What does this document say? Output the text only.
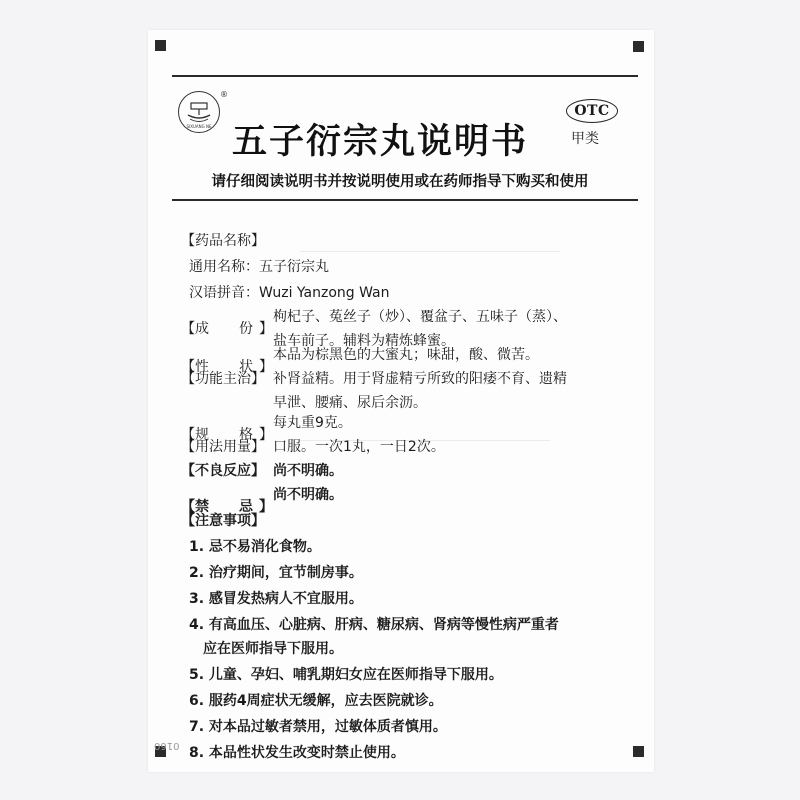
®
SIXUANG NE
OTC
甲类
五子衍宗丸说明书
请仔细阅读说明书并按说明使用或在药师指导下购买和使用
【药品名称】
通用名称：五子衍宗丸
汉语拼音：Wuzi Yanzong Wan
【 成 份 】
枸杞子、菟丝子（炒）、覆盆子、五味子（蒸）、
盐车前子。辅料为精炼蜂蜜。
【 性 状 】
本品为棕黑色的大蜜丸；味甜，酸、微苦。
【功能主治】 补肾益精。用于肾虚精亏所致的阳痿不育、遗精
早泄、腰痛、尿后余沥。
【 规 格 】
每丸重9克。
【用法用量】 口服。一次1丸，一日2次。
【不良反应】 尚不明确。
【 禁 忌 】
尚不明确。
【注意事项】
1. 忌不易消化食物。
2. 治疗期间，宜节制房事。
3. 感冒发热病人不宜服用。
4. 有高血压、心脏病、肝病、糖尿病、肾病等慢性病严重者
应在医师指导下服用。
5. 儿童、孕妇、哺乳期妇女应在医师指导下服用。
6. 服药4周症状无缓解，应去医院就诊。
7. 对本品过敏者禁用，过敏体质者慎用。
8. 本品性状发生改变时禁止使用。
0160
